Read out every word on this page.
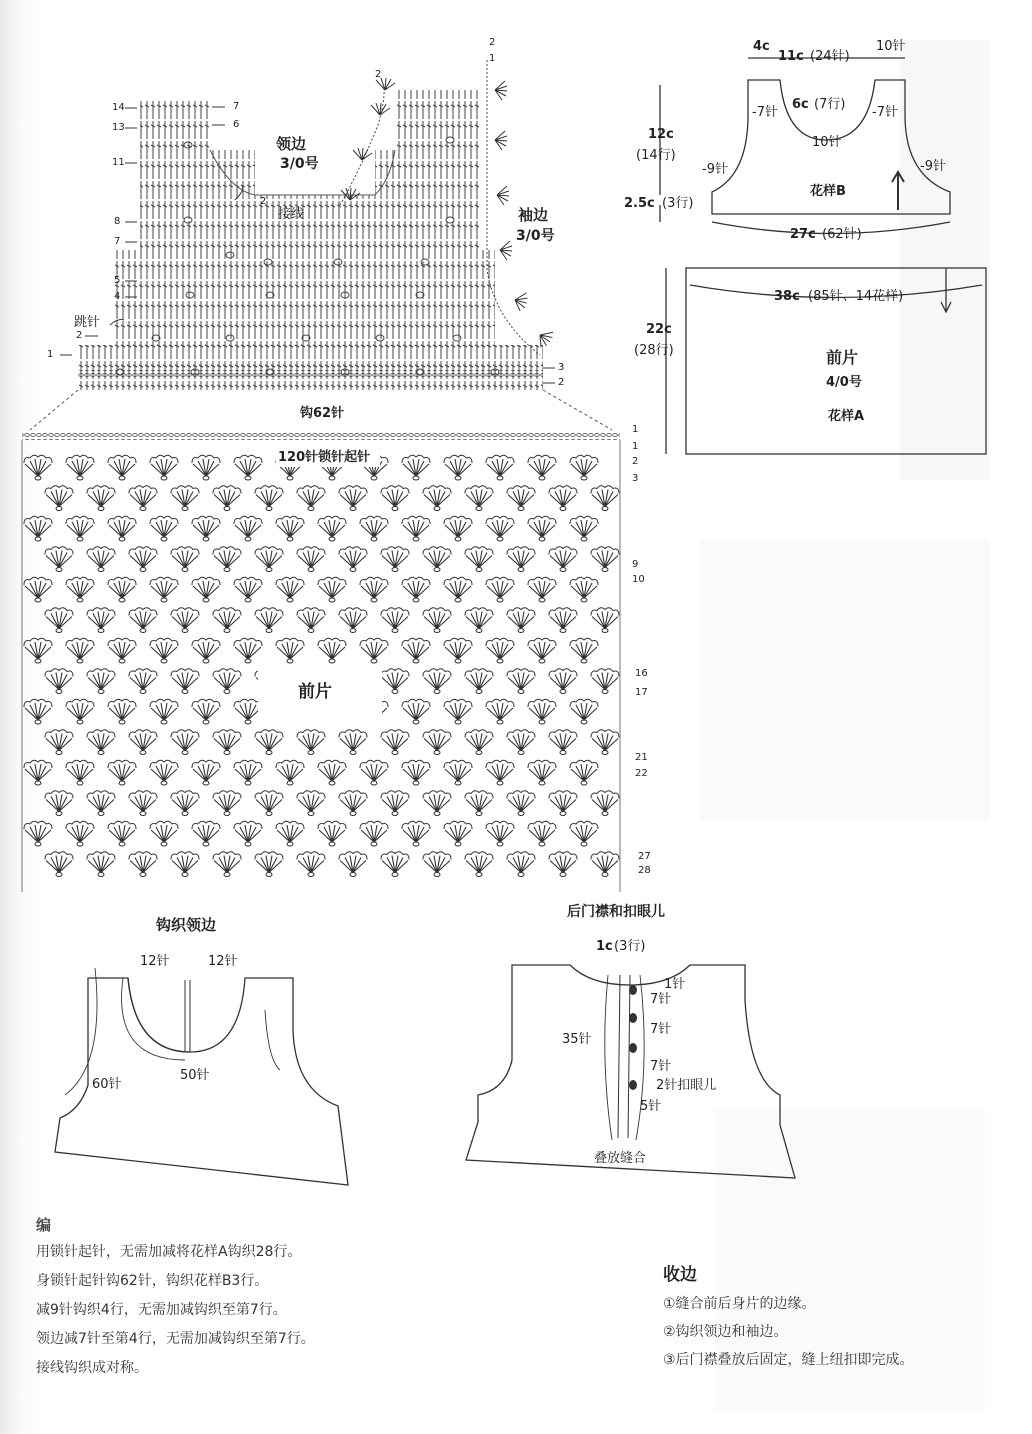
领边
3/0号
袖边
3/0号
接线
跳针
钩62针
14
13
11
8
7
5
4
2
1
7
6
2
3
2
2
2
1
120针锁针起针
前片
1
1
2
3
9
10
16
17
21
22
27
28
4c
11c (24针)
10针
-7针
6c (7行)
-7针
10针
12c
(14行)
-9针	-9针
花样B
2.5c (3行)
27c (62针)
38c (85针、14花样)
22c
(28行)	前片
4/0号
花样A
钩织领边
12针	12针
50针
60针
后门襟和扣眼儿
1c (3行)
35针
1针
7针
7针
7针
2针扣眼儿
5针
叠放缝合
编
用锁针起针，无需加减将花样A钩织28行。
身锁针起针钩62针，钩织花样B3行。
减9针钩织4行，无需加减钩织至第7行。
领边减7针至第4行，无需加减钩织至第7行。
接线钩织成对称。
收边
①缝合前后身片的边缘。
②钩织领边和袖边。
③后门襟叠放后固定，缝上纽扣即完成。
